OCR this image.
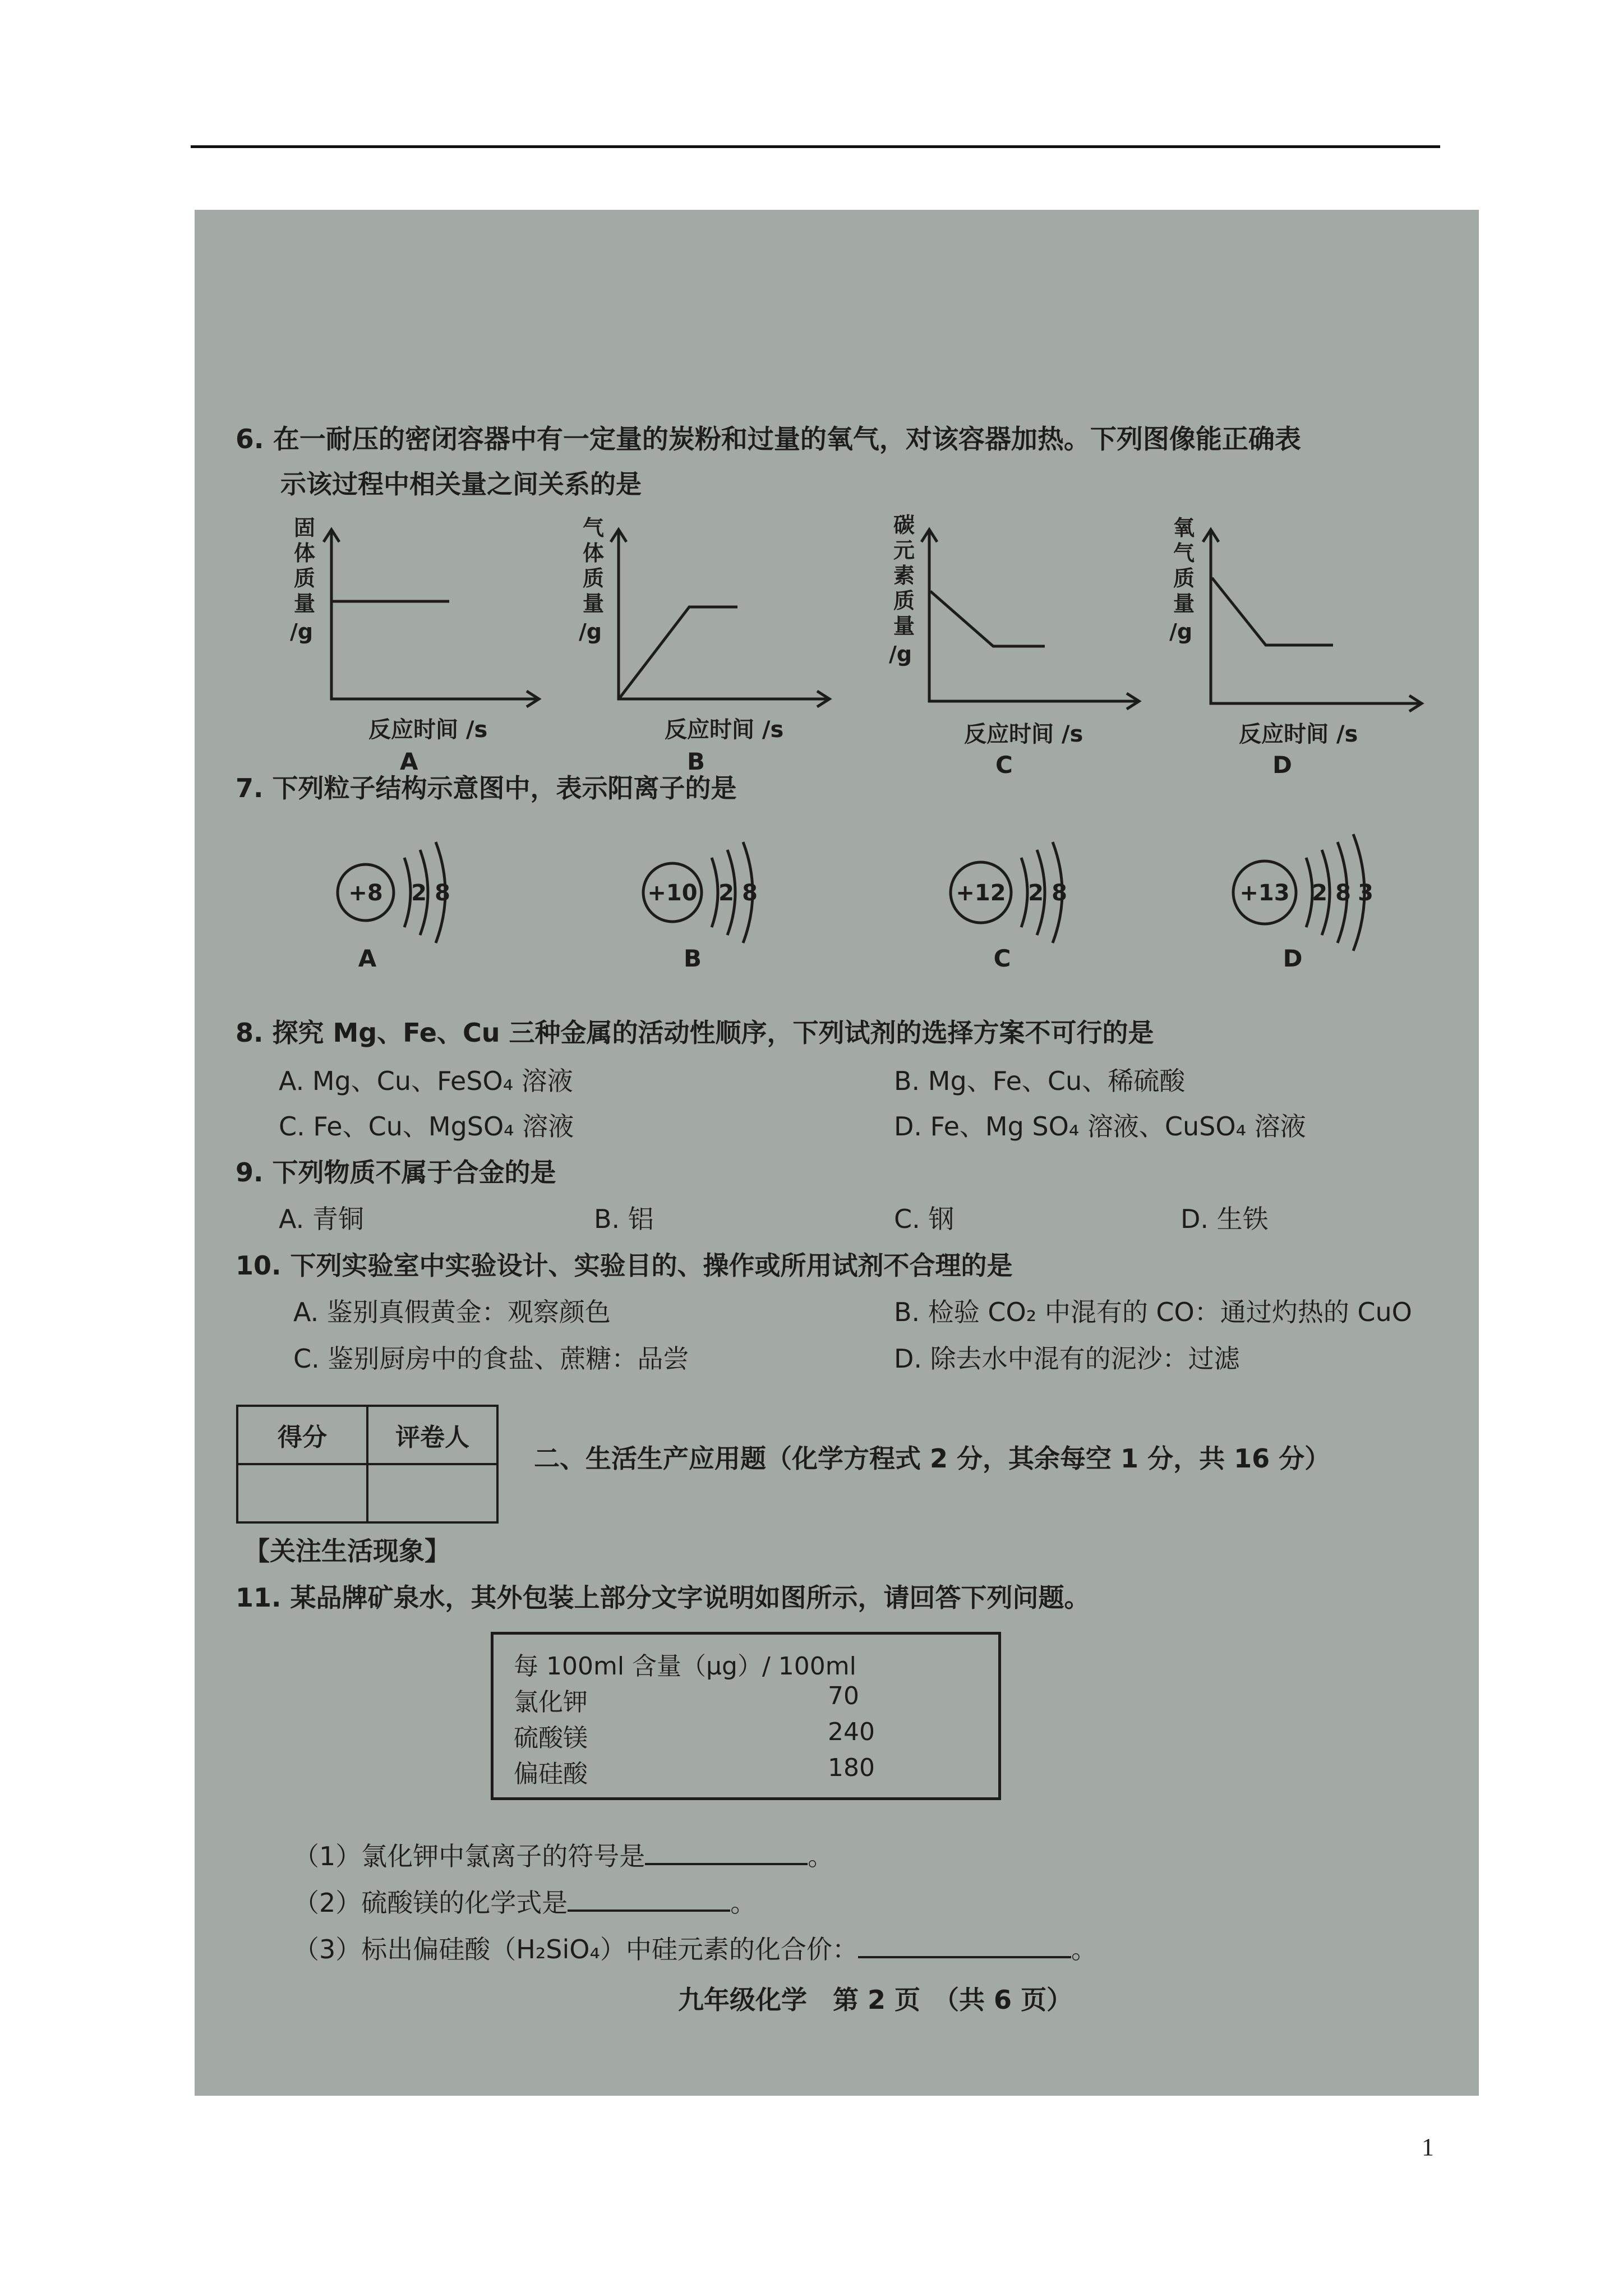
6. 在一耐压的密闭容器中有一定量的炭粉和过量的氧气，对该容器加热。下列图像能正确表
示该过程中相关量之间关系的是
固
体
质
量
/g
反应时间 /s
A
气
体
质
量
/g
反应时间 /s
B
碳
元
素
质
量
/g
反应时间 /s
C
氧
气
质
量
/g
反应时间 /s
D
7. 下列粒子结构示意图中，表示阳离子的是
+8 2 8
A
+10 2 8
B
+12 2 8
C
+13 2 8 3
D
8. 探究 Mg、Fe、Cu 三种金属的活动性顺序，下列试剂的选择方案不可行的是
A. Mg、Cu、FeSO₄ 溶液	B. Mg、Fe、Cu、稀硫酸
C. Fe、Cu、MgSO₄ 溶液	D. Fe、Mg SO₄ 溶液、CuSO₄ 溶液
9. 下列物质不属于合金的是
A. 青铜	B. 铝	C. 钢	D. 生铁
10. 下列实验室中实验设计、实验目的、操作或所用试剂不合理的是
A. 鉴别真假黄金：观察颜色	B. 检验 CO₂ 中混有的 CO：通过灼热的 CuO
C. 鉴别厨房中的食盐、蔗糖：品尝	D. 除去水中混有的泥沙：过滤
得分	评卷人

二、生活生产应用题（化学方程式 2 分，其余每空 1 分，共 16 分）
【关注生活现象】
11. 某品牌矿泉水，其外包装上部分文字说明如图所示，请回答下列问题。
每 100ml 含量（μg）/ 100ml
氯化钾	70
硫酸镁	240
偏硅酸	180
（1）氯化钾中氯离子的符号是	。
（2）硫酸镁的化学式是	。
（3）标出偏硅酸（H₂SiO₄）中硅元素的化合价：	。
九年级化学　第 2 页　（共 6 页）
1
